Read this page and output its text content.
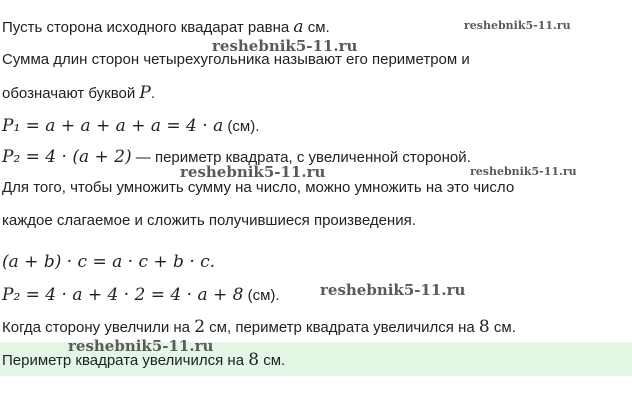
Пусть сторона исходного квадарат равна a см.
Сумма длин сторон четырехугольника называют его периметром и
обозначают буквой P.
P₁ = a + a + a + a = 4 · a (см).
P₂ = 4 · (a + 2) — периметр квадрата, с увеличенной стороной.
Для того, чтобы умножить сумму на число, можно умножить на это число
каждое слагаемое и сложить получившиеся произведения.
(a + b) · c = a · c + b · c.
P₂ = 4 · a + 4 · 2 = 4 · a + 8 (см).
Когда сторону увелчили на 2 см, периметр квадрата увеличился на 8 см.
Периметр квадрата увеличился на 8 см.
reshebnik5-11.ru
reshebnik5-11.ru
reshebnik5-11.ru	reshebnik5-11.ru
reshebnik5-11.ru
reshebnik5-11.ru
